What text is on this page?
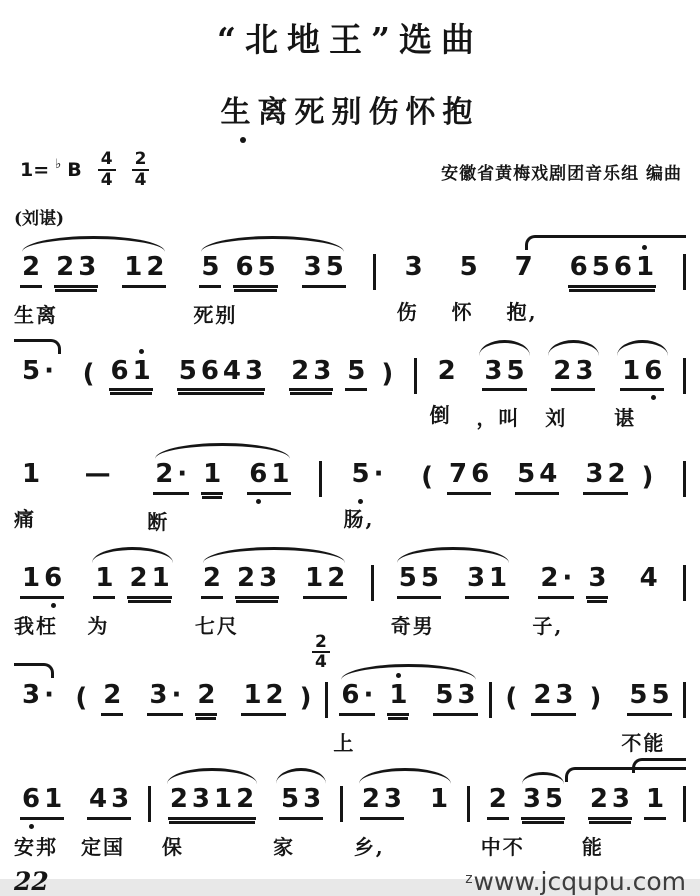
“北地王”选曲
生离死别伤怀抱
1= ♭ B $\frac{4}{4} \frac{2}{4}$	安徽省黄梅戏剧团音乐组 编曲
(刘谌)
2 2 3
生离
1 2 5 6 5
死别
3 5 3
伤
5
怀
7
抱,
6 5 6 1
5 · ( 6 1 5 6 4 3 2 3 5 ) 2
倒
3 5
，叫
2 3
刘
1 6
谌
1
痛
—	2 · 1
断
6 1 5 ·
肠,
( 7 6 5 4 3 2 )
1 6
我枉
1 2 1
为
2 2 3
七尺
1 2 5 5
奇男
3 1 2 · 3
子,
4
3 · ( 2 3 · 2 1 2 )
$\frac{2}{4}$
6 · 1
上
5 3 ( 2 3 ) 5 5
不能
6 1
安邦
4 3
定国
2 3 1 2
保
5 3
家
2 3
乡,
1 2 3 5
中不
2 3 1
能
22	$^z$www.jcqupu.com
